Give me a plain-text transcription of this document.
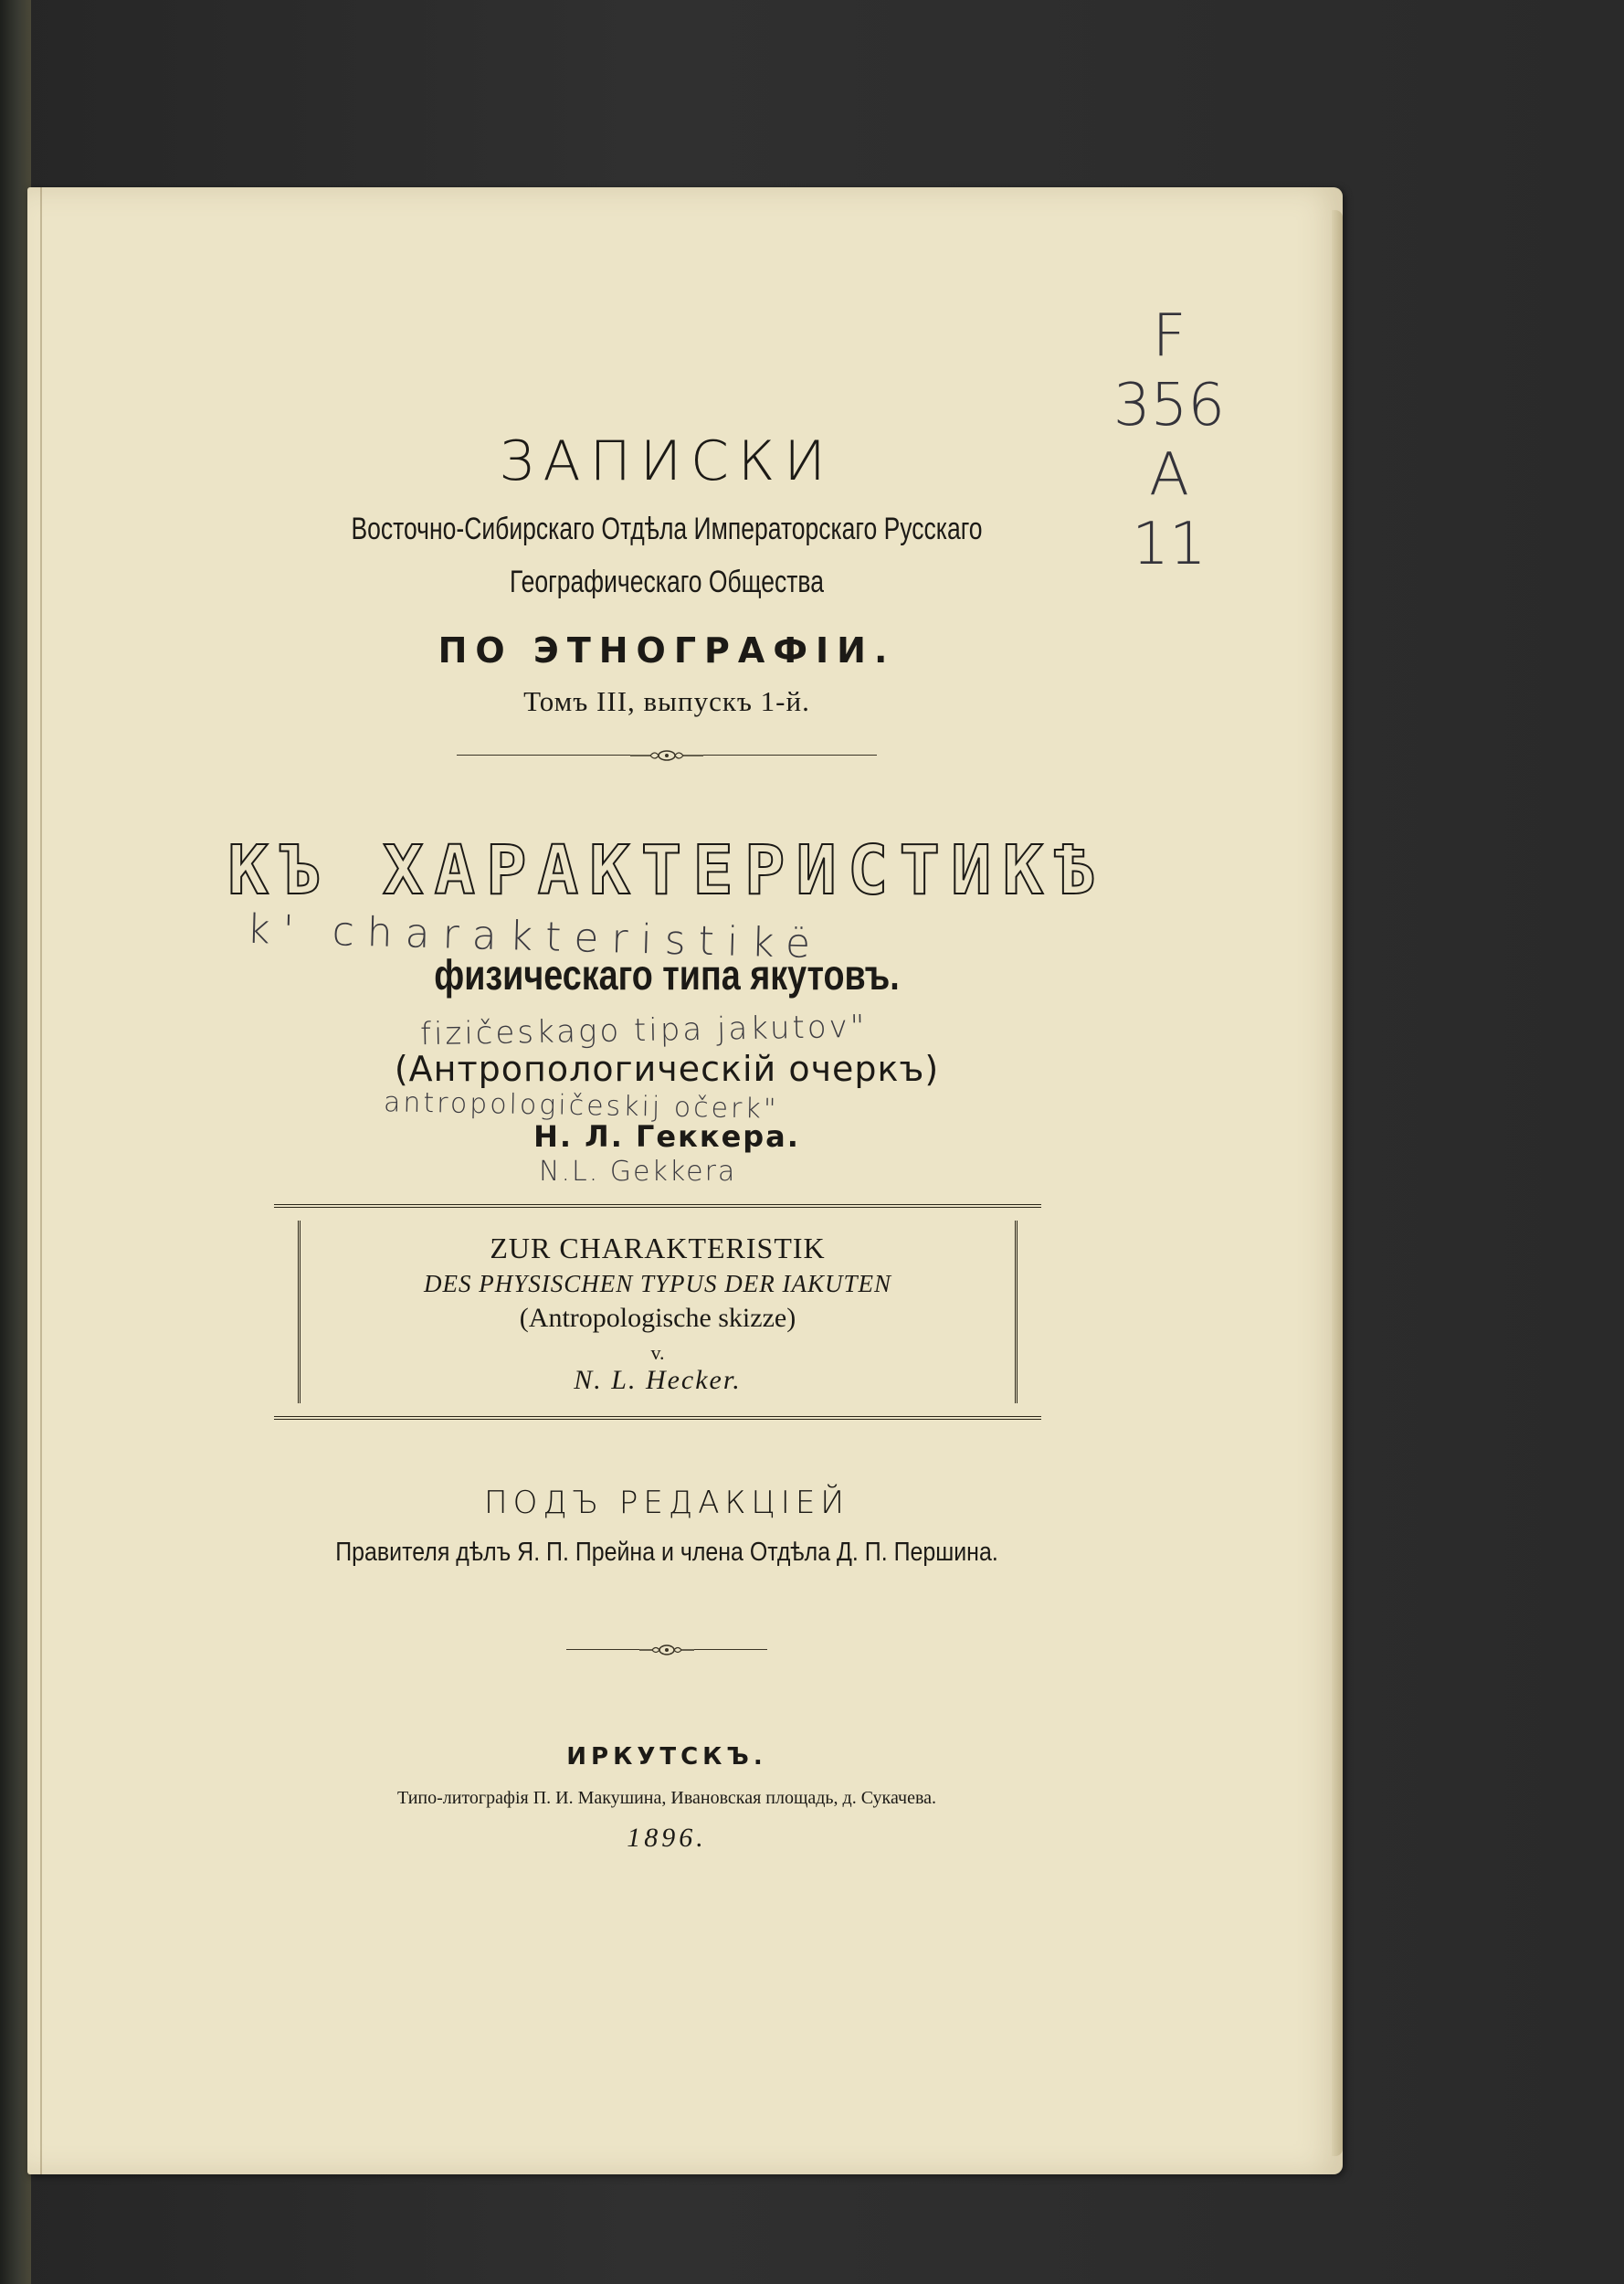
F
356
A
11
ЗАПИСКИ
Восточно-Сибирскаго Отдѣла Императорскаго Русскаго
Географическаго Общества
ПО ЭТНОГРАФІИ.
Томъ III, выпускъ 1-й.
КЪ ХАРАКТЕРИСТИКѢ
физическаго типа якутовъ.
(Антропологическій очеркъ)
Н. Л. Геккера.
k' charakteristikë
fizičeskago tipa jakutov"
antropologičeskij očerk"
N.L. Gekkera
ZUR CHARAKTERISTIK
DES PHYSISCHEN TYPUS DER IAKUTEN
(Antropologische skizze)
v.
N. L. Hecker.
ПОДЪ РЕДАКЦІЕЙ
Правителя дѣлъ Я. П. Прейна и члена Отдѣла Д. П. Першина.
ИРКУТСКЪ.
Типо-литографія П. И. Макушина, Ивановская площадь, д. Сукачева.
1896.
